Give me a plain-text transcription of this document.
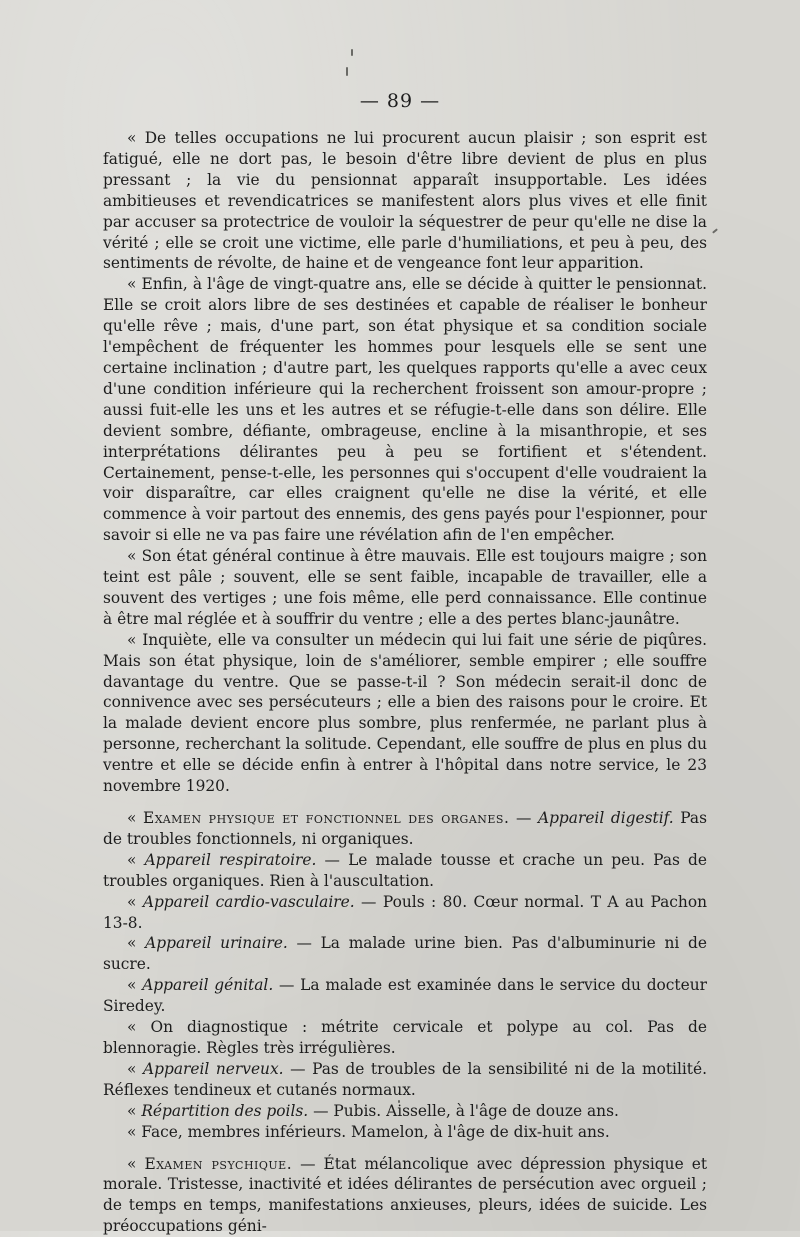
— 89 —

« De telles occupations ne lui procurent aucun plaisir ; son esprit est fatigué, elle ne dort pas, le besoin d'être libre devient de plus en plus pressant ; la vie du pensionnat apparaît insupportable. Les idées ambitieuses et revendicatrices se manifestent alors plus vives et elle finit par accuser sa protectrice de vouloir la séquestrer de peur qu'elle ne dise la vérité ; elle se croit une victime, elle parle d'humiliations, et peu à peu, des sentiments de révolte, de haine et de vengeance font leur apparition.

« Enfin, à l'âge de vingt-quatre ans, elle se décide à quitter le pensionnat. Elle se croit alors libre de ses destinées et capable de réaliser le bonheur qu'elle rêve ; mais, d'une part, son état physique et sa condition sociale l'empêchent de fréquenter les hommes pour lesquels elle se sent une certaine inclination ; d'autre part, les quelques rapports qu'elle a avec ceux d'une condition inférieure qui la recherchent froissent son amour-propre ; aussi fuit-elle les uns et les autres et se réfugie-t-elle dans son délire. Elle devient sombre, défiante, ombrageuse, encline à la misanthropie, et ses interprétations délirantes peu à peu se fortifient et s'étendent. Certainement, pense-t-elle, les personnes qui s'occupent d'elle voudraient la voir disparaître, car elles craignent qu'elle ne dise la vérité, et elle commence à voir partout des ennemis, des gens payés pour l'espionner, pour savoir si elle ne va pas faire une révélation afin de l'en empêcher.

« Son état général continue à être mauvais. Elle est toujours maigre ; son teint est pâle ; souvent, elle se sent faible, incapable de travailler, elle a souvent des vertiges ; une fois même, elle perd connaissance. Elle continue à être mal réglée et à souffrir du ventre ; elle a des pertes blanc-jaunâtre.

« Inquiète, elle va consulter un médecin qui lui fait une série de piqûres. Mais son état physique, loin de s'améliorer, semble empirer ; elle souffre davantage du ventre. Que se passe-t-il ? Son médecin serait-il donc de connivence avec ses persécuteurs ; elle a bien des raisons pour le croire. Et la malade devient encore plus sombre, plus renfermée, ne parlant plus à personne, recherchant la solitude. Cependant, elle souffre de plus en plus du ventre et elle se décide enfin à entrer à l'hôpital dans notre service, le 23 novembre 1920.

« Examen physique et fonctionnel des organes. — Appareil digestif. Pas de troubles fonctionnels, ni organiques.

« Appareil respiratoire. — Le malade tousse et crache un peu. Pas de troubles organiques. Rien à l'auscultation.

« Appareil cardio-vasculaire. — Pouls : 80. Cœur normal. T A au Pachon 13-8.

« Appareil urinaire. — La malade urine bien. Pas d'albuminurie ni de sucre.

« Appareil génital. — La malade est examinée dans le service du docteur Siredey.

« On diagnostique : métrite cervicale et polype au col. Pas de blennoragie. Règles très irrégulières.

« Appareil nerveux. — Pas de troubles de la sensibilité ni de la motilité. Réflexes tendineux et cutanés normaux.

« Répartition des poils. — Pubis. Aisselle, à l'âge de douze ans.

« Face, membres inférieurs. Mamelon, à l'âge de dix-huit ans.

« Examen psychique. — État mélancolique avec dépression physique et morale. Tristesse, inactivité et idées délirantes de persécution avec orgueil ; de temps en temps, manifestations anxieuses, pleurs, idées de suicide. Les préoccupations géni-
